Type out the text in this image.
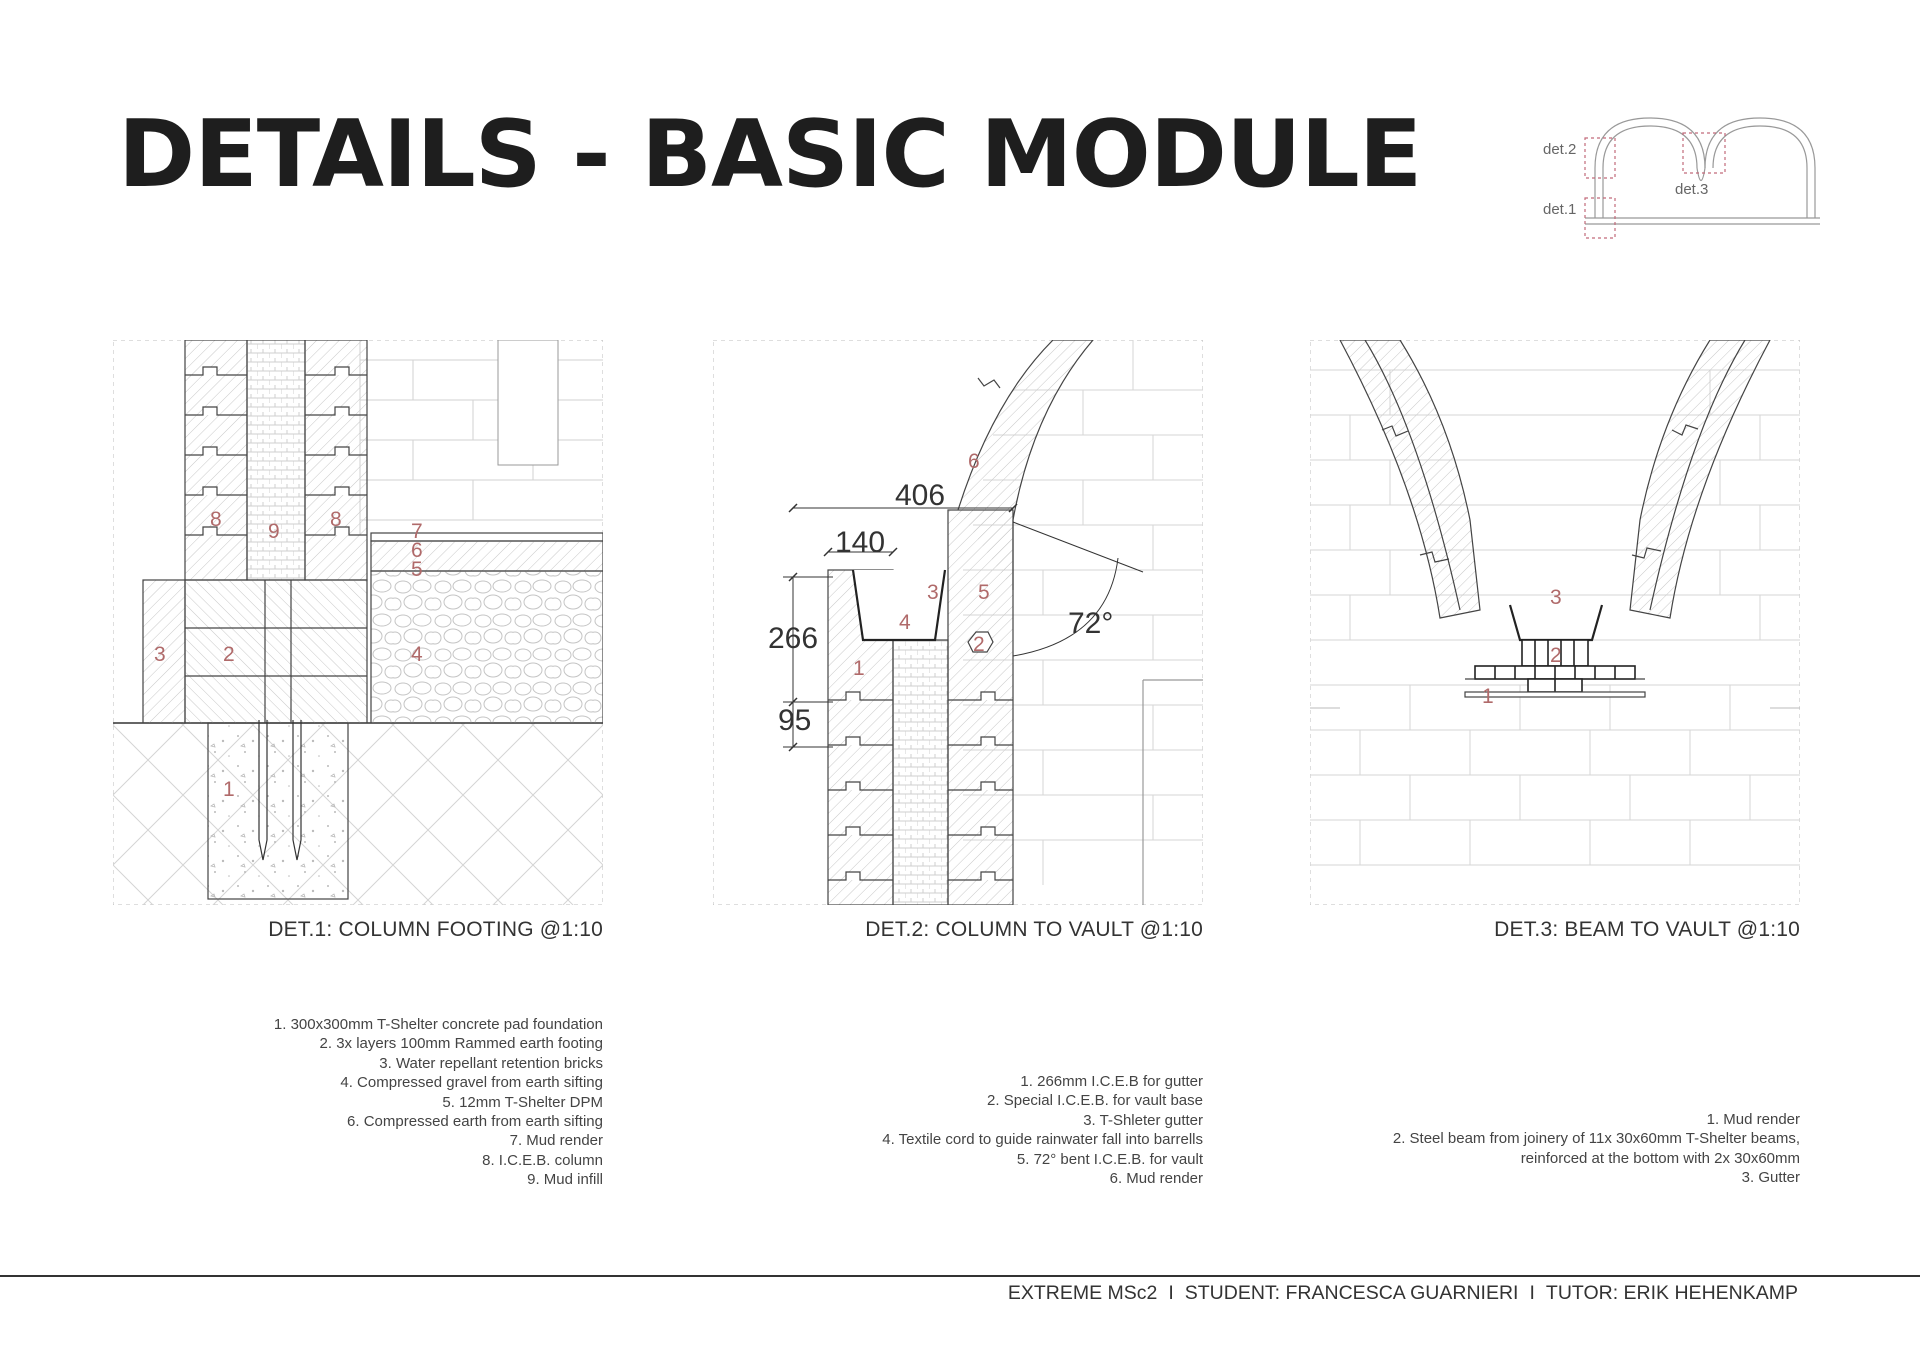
DETAILS - BASIC MODULE	det.2
det.1
det.3
8
9
8
7
6
5
3	2	4
1
DET.1: COLUMN FOOTING @1:10
1. 300x300mm T-Shelter concrete pad foundation
2. 3x layers 100mm Rammed earth footing
3. Water repellant retention bricks
4. Compressed gravel from earth sifting
5. 12mm T-Shelter DPM
6. Compressed earth from earth sifting
7. Mud render
8. I.C.E.B. column
9. Mud infill
406
140
266
95
72°
6
3 5
4
1
2
DET.2: COLUMN TO VAULT @1:10
1. 266mm I.C.E.B for gutter
2. Special I.C.E.B. for vault base
3. T-Shleter gutter
4. Textile cord to guide rainwater fall into barrells
5. 72° bent I.C.E.B. for vault
6. Mud render
3
2
1
DET.3: BEAM TO VAULT @1:10
1. Mud render
2. Steel beam from joinery of 11x 30x60mm T-Shelter beams,
reinforced at the bottom with 2x 30x60mm
3. Gutter
EXTREME MSc2 I STUDENT: FRANCESCA GUARNIERI I TUTOR: ERIK HEHENKAMP
